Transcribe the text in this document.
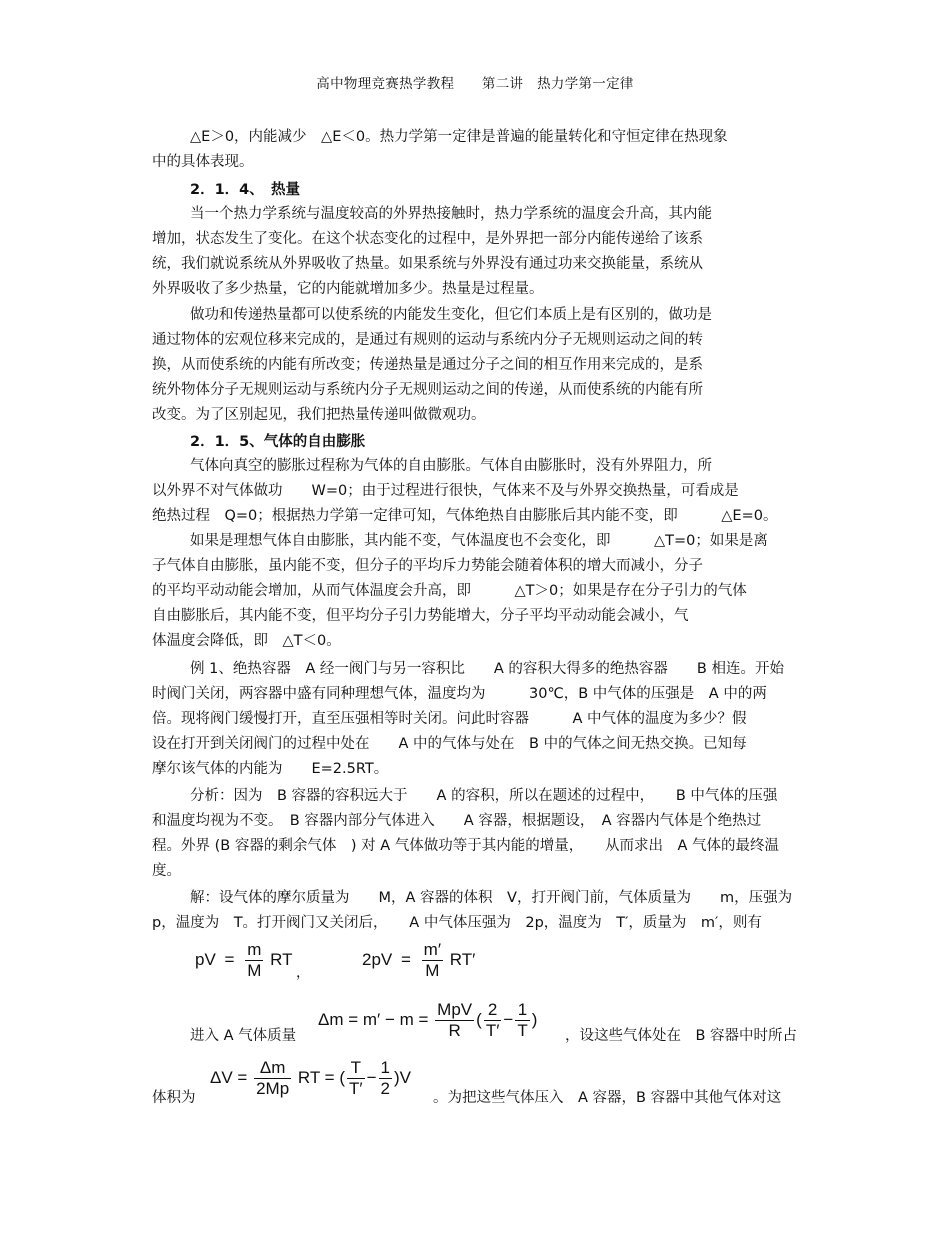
高中物理竞赛热学教程　　第二讲　热力学第一定律
△E＞0，内能减少　△E＜0。热力学第一定律是普遍的能量转化和守恒定律在热现象
中的具体表现。
2．1．4、　热量
当一个热力学系统与温度较高的外界热接触时，热力学系统的温度会升高，其内能
增加，状态发生了变化。在这个状态变化的过程中，是外界把一部分内能传递给了该系
统，我们就说系统从外界吸收了热量。如果系统与外界没有通过功来交换能量，系统从
外界吸收了多少热量，它的内能就增加多少。热量是过程量。
做功和传递热量都可以使系统的内能发生变化，但它们本质上是有区别的，做功是
通过物体的宏观位移来完成的，是通过有规则的运动与系统内分子无规则运动之间的转
换，从而使系统的内能有所改变；传递热量是通过分子之间的相互作用来完成的，是系
统外物体分子无规则运动与系统内分子无规则运动之间的传递，从而使系统的内能有所
改变。为了区别起见，我们把热量传递叫做微观功。
2．1．5、气体的自由膨胀
气体向真空的膨胀过程称为气体的自由膨胀。气体自由膨胀时，没有外界阻力，所
以外界不对气体做功　　W=0；由于过程进行很快，气体来不及与外界交换热量，可看成是
绝热过程　Q=0；根据热力学第一定律可知，气体绝热自由膨胀后其内能不变，即　　　△E=0。
如果是理想气体自由膨胀，其内能不变，气体温度也不会变化，即　　　△T=0；如果是离
子气体自由膨胀，虽内能不变，但分子的平均斥力势能会随着体积的增大而减小，分子
的平均平动动能会增加，从而气体温度会升高，即　　　△T＞0；如果是存在分子引力的气体
自由膨胀后，其内能不变，但平均分子引力势能增大，分子平均平动动能会减小，气
体温度会降低，即　△T＜0。
例 1、绝热容器　A 经一阀门与另一容积比　　A 的容积大得多的绝热容器　　B 相连。开始
时阀门关闭，两容器中盛有同种理想气体，温度均为　　　30℃，B 中气体的压强是　A 中的两
倍。现将阀门缓慢打开，直至压强相等时关闭。问此时容器　　　A 中气体的温度为多少？假
设在打开到关闭阀门的过程中处在　　A 中的气体与处在　B 中的气体之间无热交换。已知每
摩尔该气体的内能为　　E=2.5RT。
分析：因为　B 容器的容积远大于　　A 的容积，所以在题述的过程中，　　B 中气体的压强
和温度均视为不变。　B 容器内部分气体进入　　A 容器，根据题设，　A 容器内气体是个绝热过
程。外界 (B 容器的剩余气体　) 对 A 气体做功等于其内能的增量，　　从而求出　A 气体的最终温
度。
解：设气体的摩尔质量为　　M，A 容器的体积　V，打开阀门前，气体质量为　　m，压强为
p，温度为　T。打开阀门又关闭后，　　A 中气体压强为　2p，温度为　T′，质量为　m′，则有
pV = $\frac{m}{M}$ RT
，
$2pV = \frac{m'}{M} RT'$
进入 A 气体质量
$\Delta m = m' - m = \frac{\text{MpV}}{R}$ ( $\frac{2}{T'} - \frac{1}{T}$ )
，设这些气体处在　B 容器中时所占
体积为
$\Delta V = \frac{\Delta m}{2Mp}$ RT = ( $\frac{T}{T'} - \frac{1}{2} )V$
。为把这些气体压入　A 容器，B 容器中其他气体对这
